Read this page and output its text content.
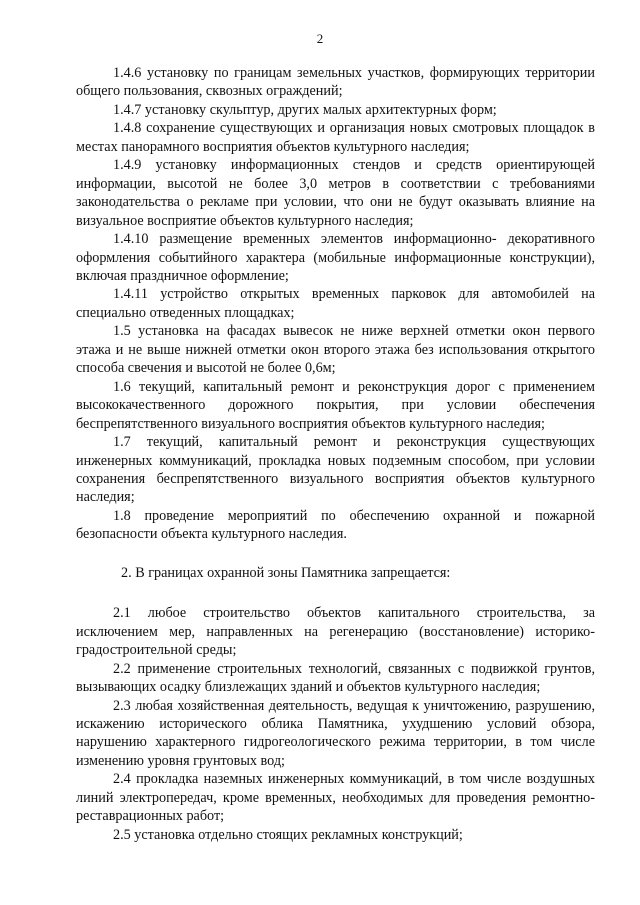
2

1.4.6 установку по границам земельных участков, формирующих территории общего пользования, сквозных ограждений;

1.4.7 установку скульптур, других малых архитектурных форм;

1.4.8 сохранение существующих и организация новых смотровых площадок в местах панорамного восприятия объектов культурного наследия;

1.4.9 установку информационных стендов и средств ориентирующей информации, высотой не более 3,0 метров в соответствии с требованиями законодательства о рекламе при условии, что они не будут оказывать влияние на визуальное восприятие объектов культурного наследия;

1.4.10 размещение временных элементов информационно- декоративного оформления событийного характера (мобильные информационные конструкции), включая праздничное оформление;

1.4.11 устройство открытых временных парковок для автомобилей на специально отведенных площадках;

1.5 установка на фасадах вывесок не ниже верхней отметки окон первого этажа и не выше нижней отметки окон второго этажа без использования открытого способа свечения и высотой не более 0,6м;

1.6 текущий, капитальный ремонт и реконструкция дорог с применением высококачественного дорожного покрытия, при условии обеспечения беспрепятственного визуального восприятия объектов культурного наследия;

1.7 текущий, капитальный ремонт и реконструкция существующих инженерных коммуникаций, прокладка новых подземным способом, при условии сохранения беспрепятственного визуального восприятия объектов культурного наследия;

1.8 проведение мероприятий по обеспечению охранной и пожарной безопасности объекта культурного наследия.

2. В границах охранной зоны Памятника запрещается:

2.1 любое строительство объектов капитального строительства, за исключением мер, направленных на регенерацию (восстановление) историко-градостроительной среды;

2.2 применение строительных технологий, связанных с подвижкой грунтов, вызывающих осадку близлежащих зданий и объектов культурного наследия;

2.3 любая хозяйственная деятельность, ведущая к уничтожению, разрушению, искажению исторического облика Памятника, ухудшению условий обзора, нарушению характерного гидрогеологического режима территории, в том числе изменению уровня грунтовых вод;

2.4 прокладка наземных инженерных коммуникаций, в том числе воздушных линий электропередач, кроме временных, необходимых для проведения ремонтно-реставрационных работ;

2.5 установка отдельно стоящих рекламных конструкций;
